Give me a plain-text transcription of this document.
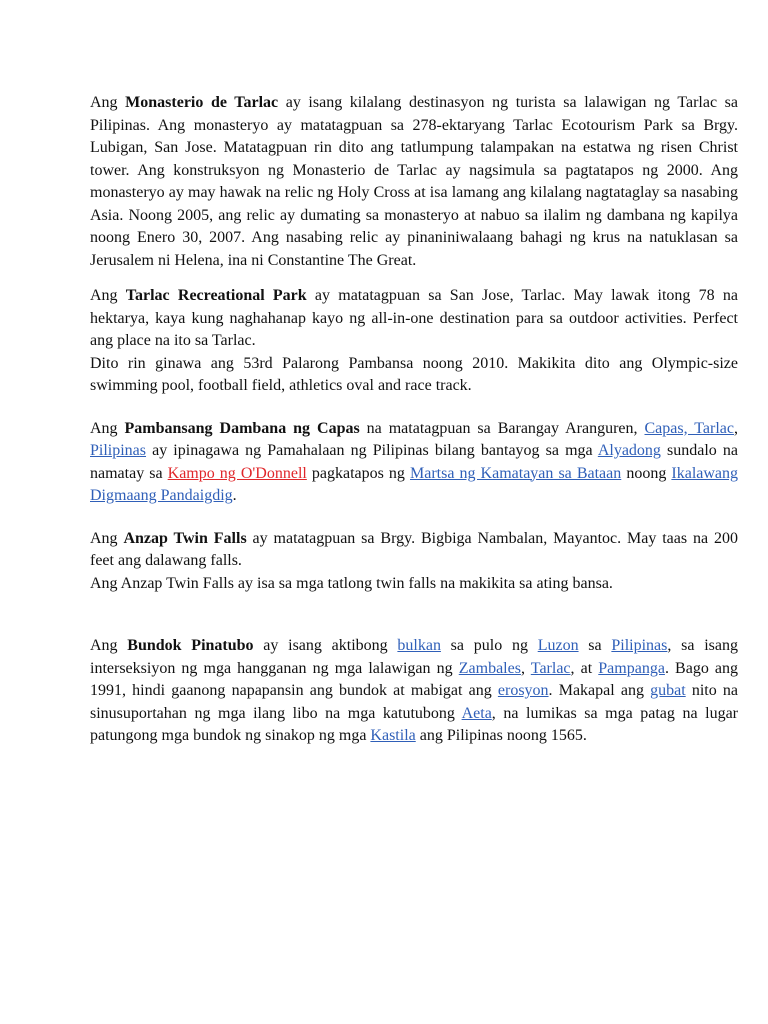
Ang Monasterio de Tarlac ay isang kilalang destinasyon ng turista sa lalawigan ng Tarlac sa Pilipinas. Ang monasteryo ay matatagpuan sa 278-ektaryang Tarlac Ecotourism Park sa Brgy. Lubigan, San Jose. Matatagpuan rin dito ang tatlumpung talampakan na estatwa ng risen Christ tower. Ang konstruksyon ng Monasterio de Tarlac ay nagsimula sa pagtatapos ng 2000. Ang monasteryo ay may hawak na relic ng Holy Cross at isa lamang ang kilalang nagtataglay sa nasabing Asia. Noong 2005, ang relic ay dumating sa monasteryo at nabuo sa ilalim ng dambana ng kapilya noong Enero 30, 2007. Ang nasabing relic ay pinaniniwalaang bahagi ng krus na natuklasan sa Jerusalem ni Helena, ina ni Constantine The Great.

Ang Tarlac Recreational Park ay matatagpuan sa San Jose, Tarlac. May lawak itong 78 na hektarya, kaya kung naghahanap kayo ng all-in-one destination para sa outdoor activities. Perfect ang place na ito sa Tarlac.

Dito rin ginawa ang 53rd Palarong Pambansa noong 2010. Makikita dito ang Olympic-size swimming pool, football field, athletics oval and race track.

Ang Pambansang Dambana ng Capas na matatagpuan sa Barangay Aranguren, Capas, Tarlac, Pilipinas ay ipinagawa ng Pamahalaan ng Pilipinas bilang bantayog sa mga Alyadong sundalo na namatay sa Kampo ng O'Donnell pagkatapos ng Martsa ng Kamatayan sa Bataan noong Ikalawang Digmaang Pandaigdig.

Ang Anzap Twin Falls ay matatagpuan sa Brgy. Bigbiga Nambalan, Mayantoc. May taas na 200 feet ang dalawang falls.

Ang Anzap Twin Falls ay isa sa mga tatlong twin falls na makikita sa ating bansa.

Ang Bundok Pinatubo ay isang aktibong bulkan sa pulo ng Luzon sa Pilipinas, sa isang interseksiyon ng mga hangganan ng mga lalawigan ng Zambales, Tarlac, at Pampanga. Bago ang 1991, hindi gaanong napapansin ang bundok at mabigat ang erosyon. Makapal ang gubat nito na sinusuportahan ng mga ilang libo na mga katutubong Aeta, na lumikas sa mga patag na lugar patungong mga bundok ng sinakop ng mga Kastila ang Pilipinas noong 1565.
